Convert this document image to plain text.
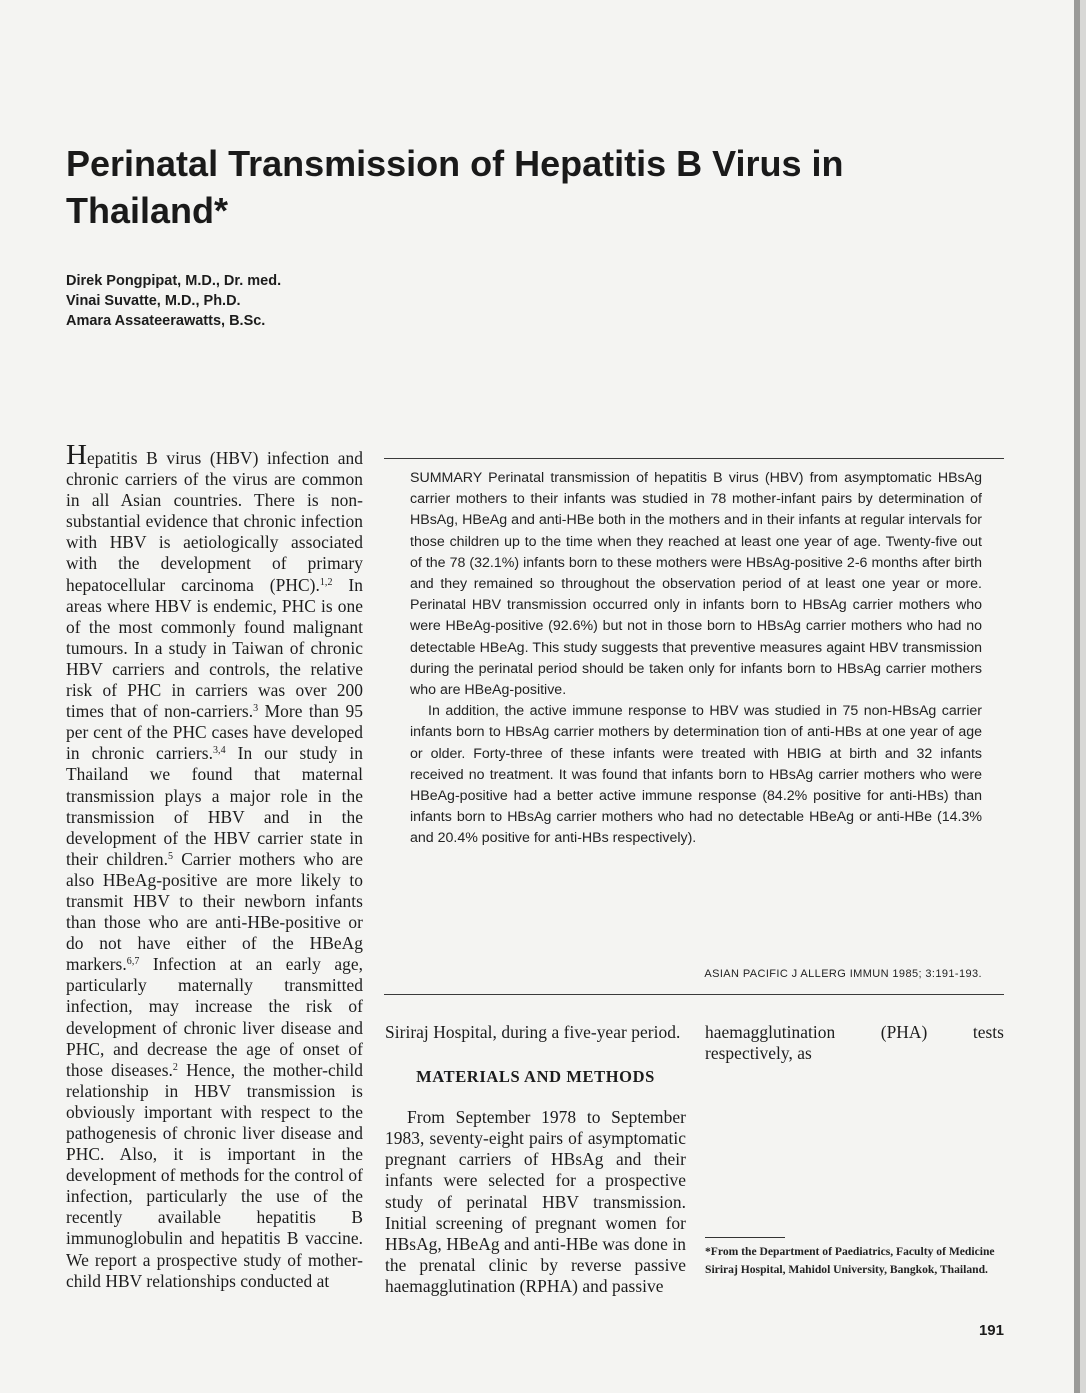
Perinatal Transmission of Hepatitis B Virus in Thailand*
Direk Pongpipat, M.D., Dr. med.
Vinai Suvatte, M.D., Ph.D.
Amara Assateerawatts, B.Sc.

Hepatitis B virus (HBV) infection and chronic carriers of the virus are common in all Asian countries. There is non-substantial evidence that chronic infection with HBV is aetiologically associated with the development of primary hepatocellular carcinoma (PHC).$^{1,2}$ In areas where HBV is endemic, PHC is one of the most commonly found malignant tumours. In a study in Taiwan of chronic HBV carriers and controls, the relative risk of PHC in carriers was over 200 times that of non-carriers.$^3$ More than 95 per cent of the PHC cases have developed in chronic carriers.$^{3,4}$ In our study in Thailand we found that maternal transmission plays a major role in the transmission of HBV and in the development of the HBV carrier state in their children.$^5$ Carrier mothers who are also HBeAg-positive are more likely to transmit HBV to their newborn infants than those who are anti-HBe-positive or do not have either of the HBeAg markers.$^{6,7}$ Infection at an early age, particularly maternally transmitted infection, may increase the risk of development of chronic liver disease and PHC, and decrease the age of onset of those diseases.$^2$ Hence, the mother-child relationship in HBV transmission is obviously important with respect to the pathogenesis of chronic liver disease and PHC. Also, it is important in the development of methods for the control of infection, particularly the use of the recently available hepatitis B immunoglobulin and hepatitis B vaccine. We report a prospective study of mother-child HBV relationships conducted at

Siriraj Hospital, during a five-year period.

MATERIALS AND METHODS

From September 1978 to September 1983, seventy-eight pairs of asymptomatic pregnant carriers of HBsAg and their infants were selected for a prospective study of perinatal HBV transmission. Initial screening of pregnant women for HBsAg, HBeAg and anti-HBe was done in the prenatal clinic by reverse passive haemagglutination (RPHA) and passive

haemagglutination (PHA) tests respectively, as

SUMMARY Perinatal transmission of hepatitis B virus (HBV) from asymptomatic HBsAg carrier mothers to their infants was studied in 78 mother-infant pairs by determination of HBsAg, HBeAg and anti-HBe both in the mothers and in their infants at regular intervals for those children up to the time when they reached at least one year of age. Twenty-five out of the 78 (32.1%) infants born to these mothers were HBsAg-positive 2-6 months after birth and they remained so throughout the observation period of at least one year or more. Perinatal HBV transmission occurred only in infants born to HBsAg carrier mothers who were HBeAg-positive (92.6%) but not in those born to HBsAg carrier mothers who had no detectable HBeAg. This study suggests that preventive measures againt HBV transmission during the perinatal period should be taken only for infants born to HBsAg carrier mothers who are HBeAg-positive.

In addition, the active immune response to HBV was studied in 75 non-HBsAg carrier infants born to HBsAg carrier mothers by determination tion of anti-HBs at one year of age or older. Forty-three of these infants were treated with HBIG at birth and 32 infants received no treatment. It was found that infants born to HBsAg carrier mothers who were HBeAg-positive had a better active immune response (84.2% positive for anti-HBs) than infants born to HBsAg carrier mothers who had no detectable HBeAg or anti-HBe (14.3% and 20.4% positive for anti-HBs respectively).

ASIAN PACIFIC J ALLERG IMMUN 1985; 3:191-193.
*From the Department of Paediatrics, Faculty of Medicine Siriraj Hospital, Mahidol University, Bangkok, Thailand.
191
